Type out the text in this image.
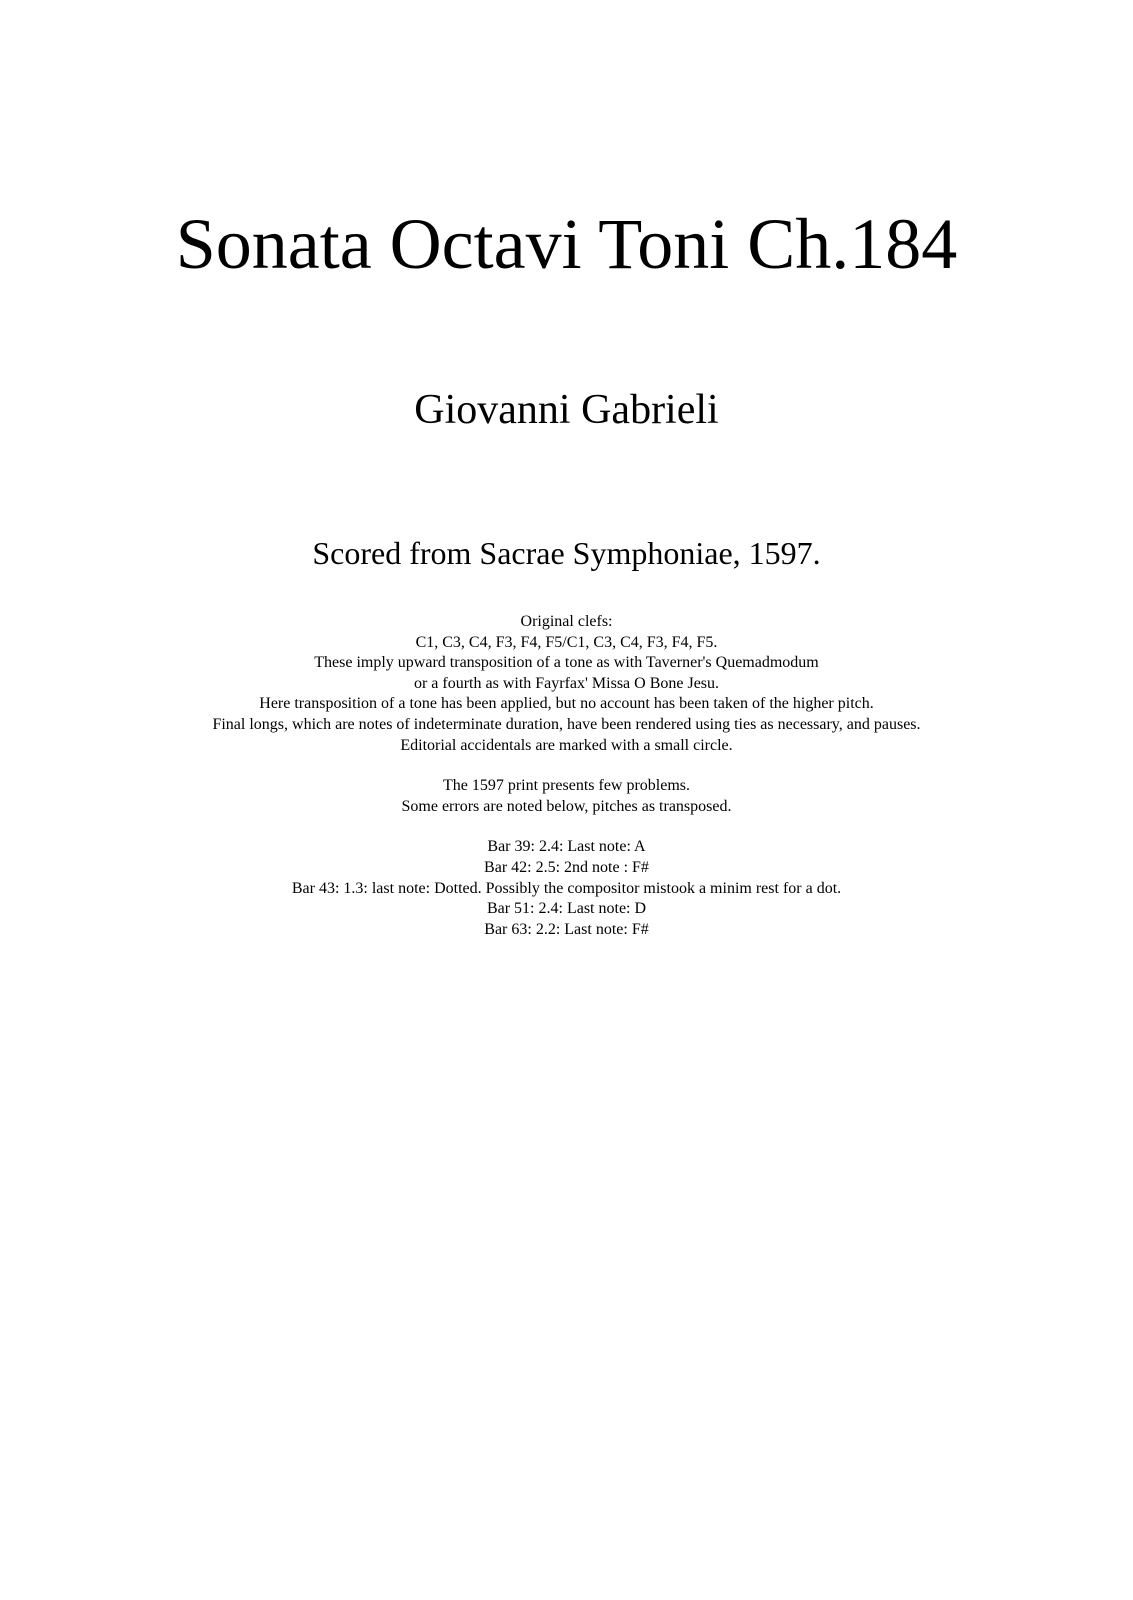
Sonata Octavi Toni Ch.184
Giovanni Gabrieli
Scored from Sacrae Symphoniae, 1597.
Original clefs:
C1, C3, C4, F3, F4, F5/C1, C3, C4, F3, F4, F5.
These imply upward transposition of a tone as with Taverner's Quemadmodum
or a fourth as with Fayrfax' Missa O Bone Jesu.
Here transposition of a tone has been applied, but no account has been taken of the higher pitch.
Final longs, which are notes of indeterminate duration, have been rendered using ties as necessary, and pauses.
Editorial accidentals are marked with a small circle.
The 1597 print presents few problems.
Some errors are noted below, pitches as transposed.
Bar 39: 2.4: Last note: A
Bar 42: 2.5: 2nd note : F#
Bar 43: 1.3: last note: Dotted. Possibly the compositor mistook a minim rest for a dot.
Bar 51: 2.4: Last note: D
Bar 63: 2.2: Last note: F#
